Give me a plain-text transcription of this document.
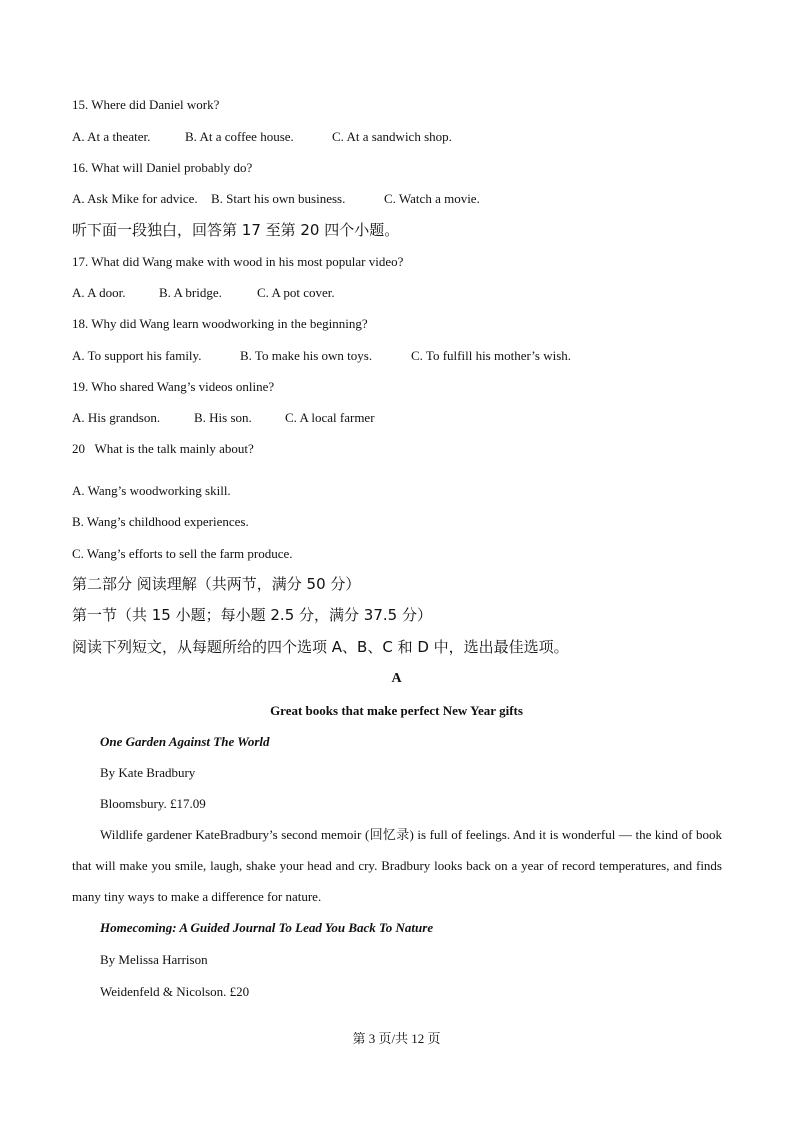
15. Where did Daniel work?
A. At a theater.	B. At a coffee house.	C. At a sandwich shop.
16. What will Daniel probably do?
A. Ask Mike for advice. B. Start his own business.	C. Watch a movie.
听下面一段独白，回答第 17 至第 20 四个小题。
17. What did Wang make with wood in his most popular video?
A. A door.	B. A bridge.	C. A pot cover.
18. Why did Wang learn woodworking in the beginning?
A. To support his family.	B. To make his own toys.	C. To fulfill his mother’s wish.
19. Who shared Wang’s videos online?
A. His grandson.	B. His son.	C. A local farmer
20   What is the talk mainly about?
A. Wang’s woodworking skill.
B. Wang’s childhood experiences.
C. Wang’s efforts to sell the farm produce.
第二部分 阅读理解（共两节，满分 50 分）
第一节（共 15 小题；每小题 2.5 分，满分 37.5 分）
阅读下列短文，从每题所给的四个选项 A、B、C 和 D 中，选出最佳选项。
A
Great books that make perfect New Year gifts
One Garden Against The World
By Kate Bradbury
Bloomsbury. £17.09
Wildlife gardener KateBradbury’s second memoir (回忆录) is full of feelings. And it is wonderful — the kind of book that will make you smile, laugh, shake your head and cry. Bradbury looks back on a year of record temperatures, and finds many tiny ways to make a difference for nature.
Homecoming: A Guided Journal To Lead You Back To Nature
By Melissa Harrison
Weidenfeld & Nicolson. £20
第 3 页/共 12 页
